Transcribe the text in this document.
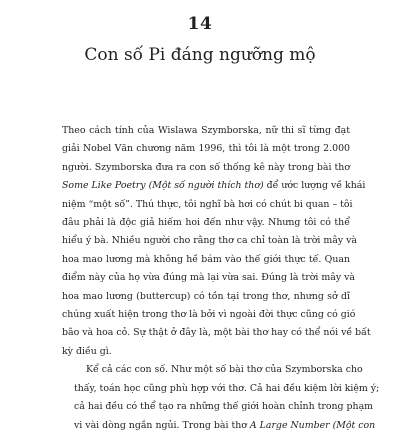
14
Con số Pi đáng ngưỡng mộ

Theo cách tính của Wislawa Szymborska, nữ thi sĩ từng đạt
giải Nobel Văn chương năm 1996, thì tôi là một trong 2.000
người. Szymborska đưa ra con số thống kê này trong bài thơ
Some Like Poetry (Một số người thích thơ) để ước lượng về khái
niệm “một số”. Thú thực, tôi nghĩ bà hơi có chút bi quan – tôi
đâu phải là độc giả hiếm hoi đến như vậy. Nhưng tôi có thể
hiểu ý bà. Nhiều người cho rằng thơ ca chỉ toàn là trời mây và
hoa mao lương mà không hề bám vào thế giới thực tế. Quan
điểm này của họ vừa đúng mà lại vừa sai. Đúng là trời mây và
hoa mao lương (buttercup) có tồn tại trong thơ, nhưng sở dĩ
chúng xuất hiện trong thơ là bởi vì ngoài đời thực cũng có gió
bão và hoa cỏ. Sự thật ở đây là, một bài thơ hay có thể nói về bất
kỳ điều gì.

Kể cả các con số. Như một số bài thơ của Szymborska cho
thấy, toán học cũng phù hợp với thơ. Cả hai đều kiệm lời kiệm ý;
cả hai đều có thể tạo ra những thế giới hoàn chỉnh trong phạm
vi vài dòng ngắn ngủi. Trong bài thơ A Large Number (Một con
